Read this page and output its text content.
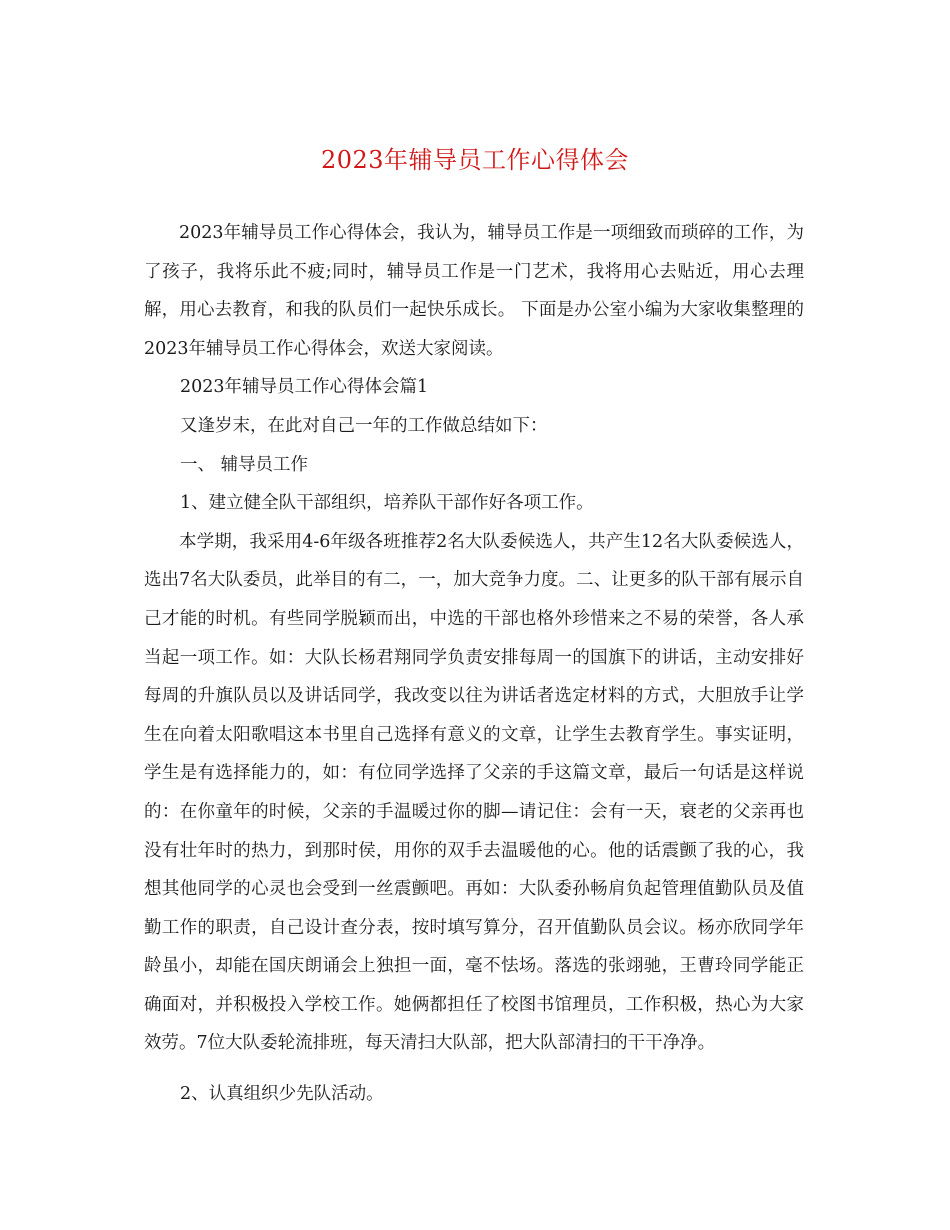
2023年辅导员工作心得体会

2023年辅导员工作心得体会，我认为，辅导员工作是一项细致而琐碎的工作，为了孩子，我将乐此不疲;同时，辅导员工作是一门艺术，我将用心去贴近，用心去理解，用心去教育，和我的队员们一起快乐成长。 下面是办公室小编为大家收集整理的2023年辅导员工作心得体会，欢送大家阅读。

2023年辅导员工作心得体会篇1

又逢岁末，在此对自己一年的工作做总结如下：

一、 辅导员工作

1、建立健全队干部组织，培养队干部作好各项工作。

本学期，我采用4-6年级各班推荐2名大队委候选人，共产生12名大队委候选人，选出7名大队委员，此举目的有二，一，加大竞争力度。二、让更多的队干部有展示自己才能的时机。有些同学脱颖而出，中选的干部也格外珍惜来之不易的荣誉，各人承当起一项工作。如：大队长杨君翔同学负责安排每周一的国旗下的讲话，主动安排好每周的升旗队员以及讲话同学，我改变以往为讲话者选定材料的方式，大胆放手让学生在向着太阳歌唱这本书里自己选择有意义的文章，让学生去教育学生。事实证明，学生是有选择能力的，如：有位同学选择了父亲的手这篇文章，最后一句话是这样说的：在你童年的时候，父亲的手温暖过你的脚—请记住：会有一天，衰老的父亲再也没有壮年时的热力，到那时侯，用你的双手去温暖他的心。他的话震颤了我的心，我想其他同学的心灵也会受到一丝震颤吧。再如：大队委孙畅肩负起管理值勤队员及值勤工作的职责，自己设计查分表，按时填写算分，召开值勤队员会议。杨亦欣同学年龄虽小，却能在国庆朗诵会上独担一面，毫不怯场。落选的张翊驰，王曹玲同学能正确面对，并积极投入学校工作。她俩都担任了校图书馆理员，工作积极，热心为大家效劳。7位大队委轮流排班，每天清扫大队部，把大队部清扫的干干净净。

2、认真组织少先队活动。
